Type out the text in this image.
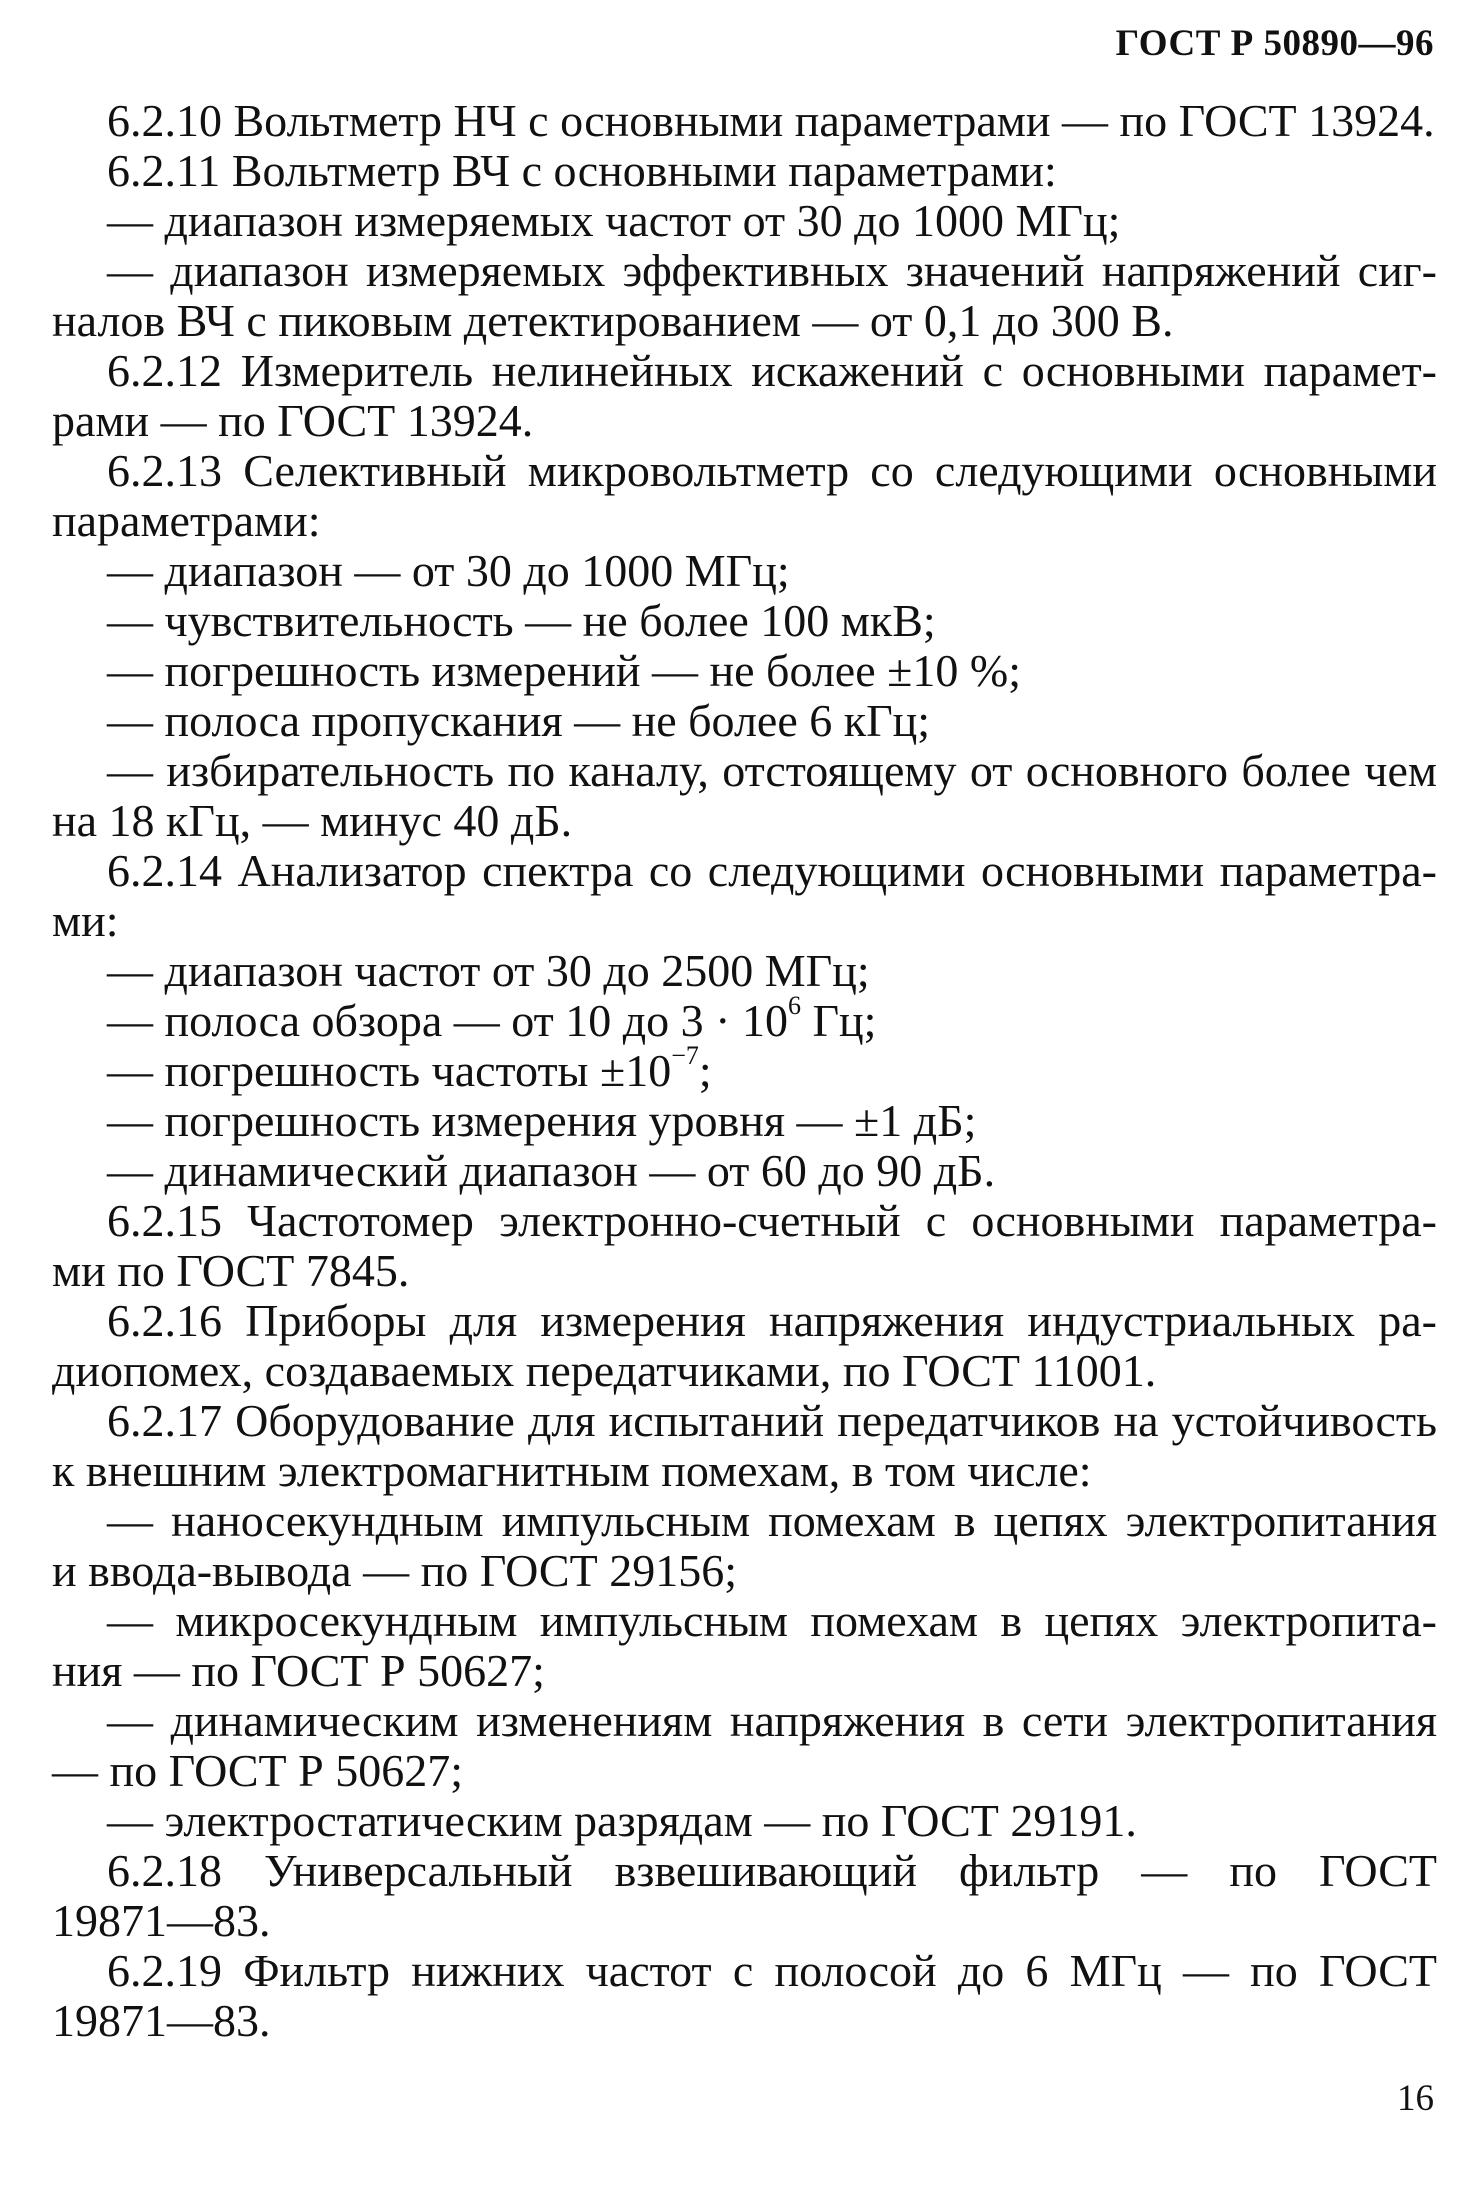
ГОСТ Р 50890—96
6.2.10 Вольтметр НЧ с основными параметрами — по ГОСТ 13924.
6.2.11 Вольтметр ВЧ с основными параметрами:
— диапазон измеряемых частот от 30 до 1000 МГц;
— диапазон измеряемых эффективных значений напряжений сиг-
налов ВЧ с пиковым детектированием — от 0,1 до 300 В.
6.2.12 Измеритель нелинейных искажений с основными парамет-
рами — по ГОСТ 13924.
6.2.13 Селективный микровольтметр со следующими основными
параметрами:
— диапазон — от 30 до 1000 МГц;
— чувствительность — не более 100 мкВ;
— погрешность измерений — не более ±10 %;
— полоса пропускания — не более 6 кГц;
— избирательность по каналу, отстоящему от основного более чем
на 18 кГц, — минус 40 дБ.
6.2.14 Анализатор спектра со следующими основными параметра-
ми:
— диапазон частот от 30 до 2500 МГц;
— полоса обзора — от 10 до $3 \cdot 10^6$ Гц;
— погрешность частоты $\pm 10^{-7}$;
— погрешность измерения уровня — ±1 дБ;
— динамический диапазон — от 60 до 90 дБ.
6.2.15 Частотомер электронно-счетный с основными параметра-
ми по ГОСТ 7845.
6.2.16 Приборы для измерения напряжения индустриальных ра-
диопомех, создаваемых передатчиками, по ГОСТ 11001.
6.2.17 Оборудование для испытаний передатчиков на устойчивость
к внешним электромагнитным помехам, в том числе:
— наносекундным импульсным помехам в цепях электропитания
и ввода-вывода — по ГОСТ 29156;
— микросекундным импульсным помехам в цепях электропита-
ния — по ГОСТ Р 50627;
— динамическим изменениям напряжения в сети электропитания
— по ГОСТ Р 50627;
— электростатическим разрядам — по ГОСТ 29191.
6.2.18 Универсальный взвешивающий фильтр — по ГОСТ
19871—83.
6.2.19 Фильтр нижних частот с полосой до 6 МГц — по ГОСТ
19871—83.
16
